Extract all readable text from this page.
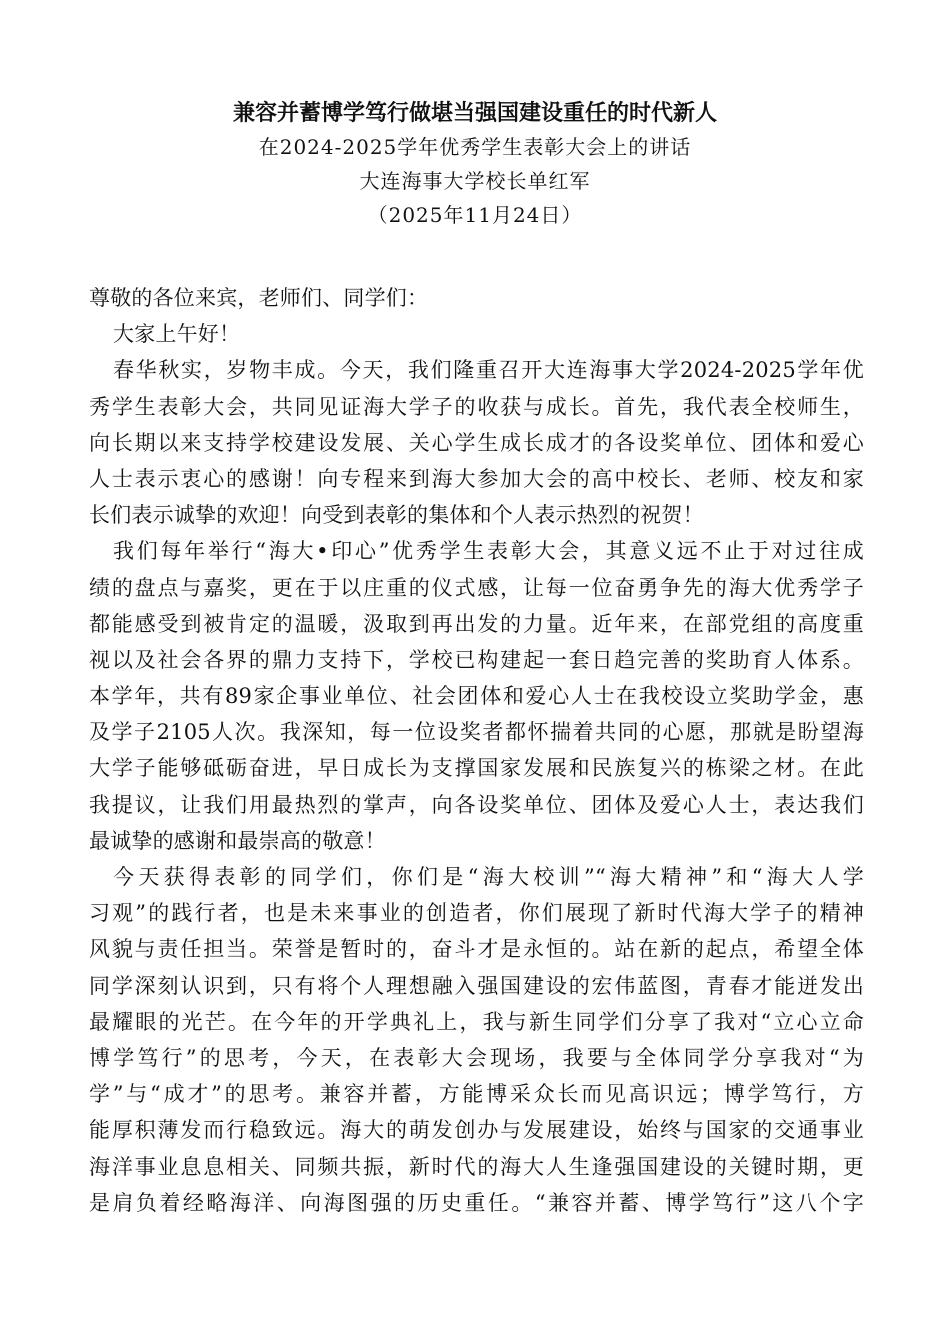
兼容并蓄博学笃行做堪当强国建设重任的时代新人
在2024-2025学年优秀学生表彰大会上的讲话
大连海事大学校长单红军
（2025年11月24日）
尊敬的各位来宾，老师们、同学们：
大家上午好！
春华秋实，岁物丰成。今天，我们隆重召开大连海事大学2024-2025学年优
秀学生表彰大会，共同见证海大学子的收获与成长。首先，我代表全校师生，
向长期以来支持学校建设发展、关心学生成长成才的各设奖单位、团体和爱心
人士表示衷心的感谢！向专程来到海大参加大会的高中校长、老师、校友和家
长们表示诚挚的欢迎！向受到表彰的集体和个人表示热烈的祝贺！
我们每年举行“海大•印心”优秀学生表彰大会，其意义远不止于对过往成
绩的盘点与嘉奖，更在于以庄重的仪式感，让每一位奋勇争先的海大优秀学子
都能感受到被肯定的温暖，汲取到再出发的力量。近年来，在部党组的高度重
视以及社会各界的鼎力支持下，学校已构建起一套日趋完善的奖助育人体系。
本学年，共有89家企事业单位、社会团体和爱心人士在我校设立奖助学金，惠
及学子2105人次。我深知，每一位设奖者都怀揣着共同的心愿，那就是盼望海
大学子能够砥砺奋进，早日成长为支撑国家发展和民族复兴的栋梁之材。在此
我提议，让我们用最热烈的掌声，向各设奖单位、团体及爱心人士，表达我们
最诚挚的感谢和最崇高的敬意！
今天获得表彰的同学们，你们是“海大校训”“海大精神”和“海大人学
习观”的践行者，也是未来事业的创造者，你们展现了新时代海大学子的精神
风貌与责任担当。荣誉是暂时的，奋斗才是永恒的。站在新的起点，希望全体
同学深刻认识到，只有将个人理想融入强国建设的宏伟蓝图，青春才能迸发出
最耀眼的光芒。在今年的开学典礼上，我与新生同学们分享了我对“立心立命
博学笃行”的思考，今天，在表彰大会现场，我要与全体同学分享我对“为
学”与“成才”的思考。兼容并蓄，方能博采众长而见高识远；博学笃行，方
能厚积薄发而行稳致远。海大的萌发创办与发展建设，始终与国家的交通事业
海洋事业息息相关、同频共振，新时代的海大人生逢强国建设的关键时期，更
是肩负着经略海洋、向海图强的历史重任。“兼容并蓄、博学笃行”这八个字
